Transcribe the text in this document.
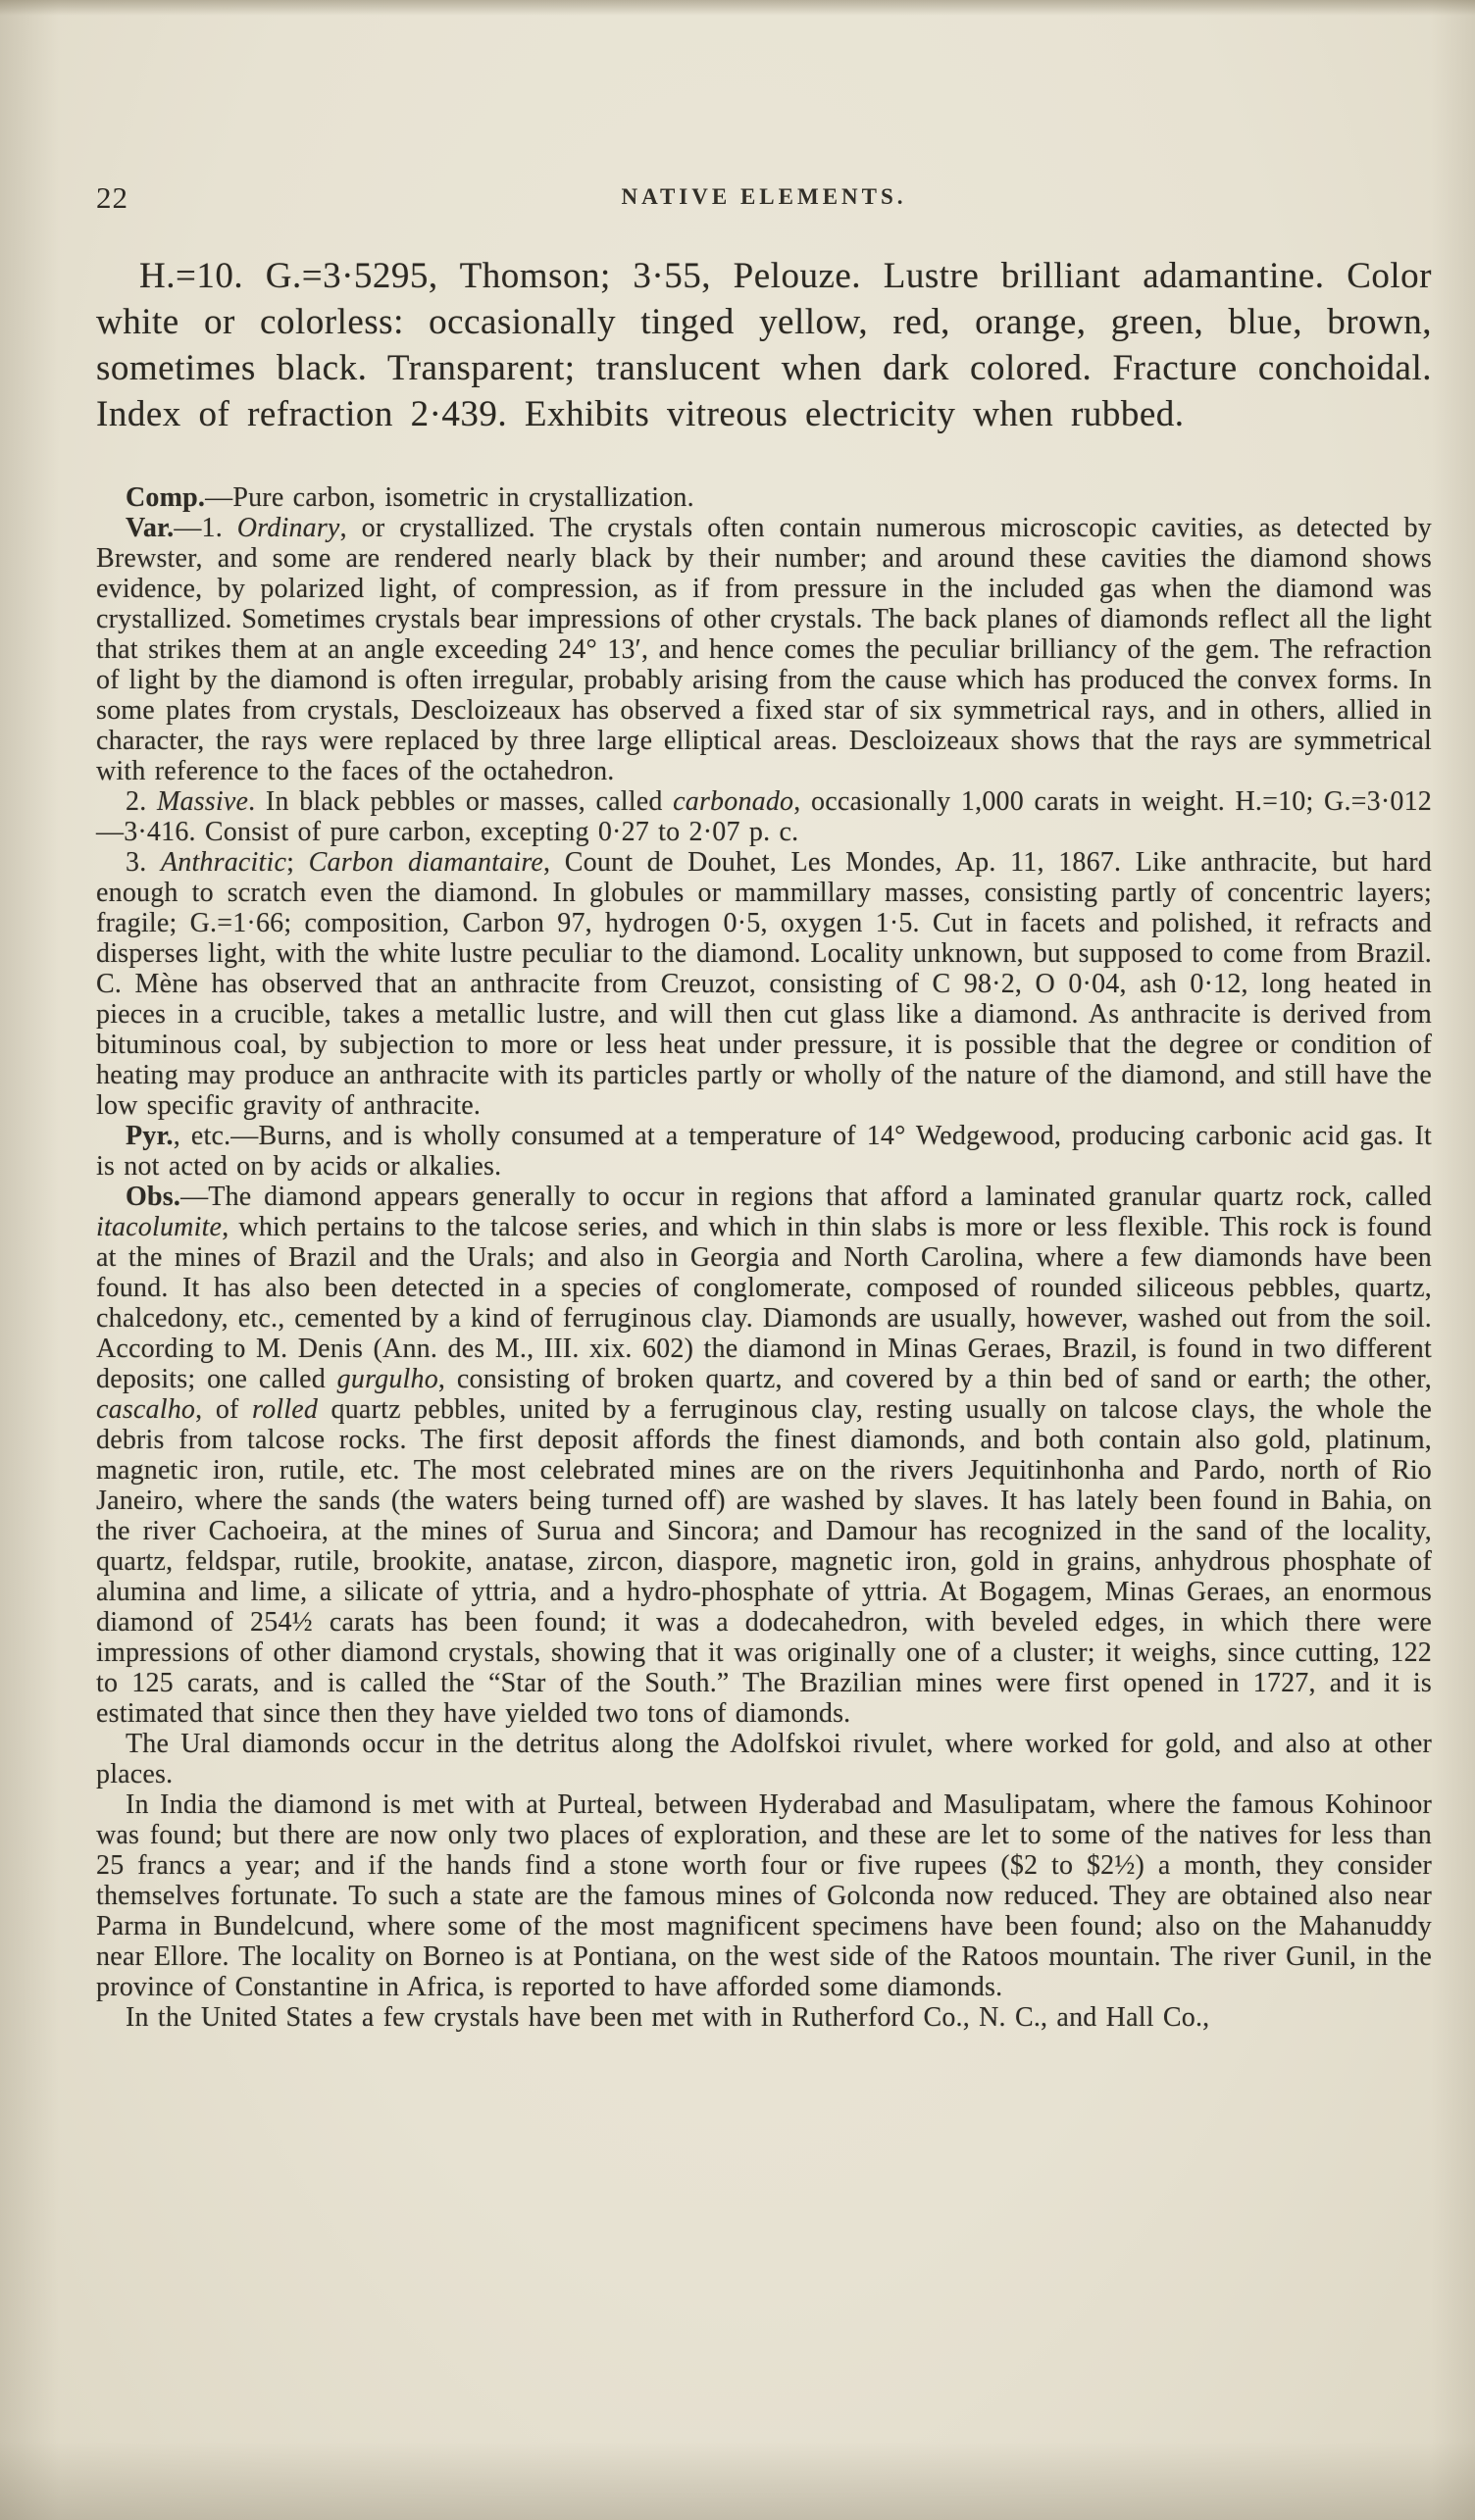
22	NATIVE ELEMENTS.

H.=10. G.=3·5295, Thomson; 3·55, Pelouze. Lustre brilliant adamantine. Color white or colorless: occasionally tinged yellow, red, orange, green, blue, brown, sometimes black. Transparent; translucent when dark colored. Fracture conchoidal. Index of refraction 2·439. Exhibits vitreous electricity when rubbed.

Comp.—Pure carbon, isometric in crystallization.

Var.—1. Ordinary, or crystallized. The crystals often contain numerous microscopic cavities, as detected by Brewster, and some are rendered nearly black by their number; and around these cavities the diamond shows evidence, by polarized light, of compression, as if from pressure in the included gas when the diamond was crystallized. Sometimes crystals bear impressions of other crystals. The back planes of diamonds reflect all the light that strikes them at an angle exceeding 24° 13′, and hence comes the peculiar brilliancy of the gem. The refraction of light by the diamond is often irregular, probably arising from the cause which has produced the convex forms. In some plates from crystals, Descloizeaux has observed a fixed star of six symmetrical rays, and in others, allied in character, the rays were replaced by three large elliptical areas. Descloizeaux shows that the rays are symmetrical with reference to the faces of the octahedron.

2. Massive. In black pebbles or masses, called carbonado, occasionally 1,000 carats in weight. H.=10; G.=3·012—3·416. Consist of pure carbon, excepting 0·27 to 2·07 p. c.

3. Anthracitic; Carbon diamantaire, Count de Douhet, Les Mondes, Ap. 11, 1867. Like anthracite, but hard enough to scratch even the diamond. In globules or mammillary masses, consisting partly of concentric layers; fragile; G.=1·66; composition, Carbon 97, hydrogen 0·5, oxygen 1·5. Cut in facets and polished, it refracts and disperses light, with the white lustre peculiar to the diamond. Locality unknown, but supposed to come from Brazil. C. Mène has observed that an anthracite from Creuzot, consisting of C 98·2, O 0·04, ash 0·12, long heated in pieces in a crucible, takes a metallic lustre, and will then cut glass like a diamond. As anthracite is derived from bituminous coal, by subjection to more or less heat under pressure, it is possible that the degree or condition of heating may produce an anthracite with its particles partly or wholly of the nature of the diamond, and still have the low specific gravity of anthracite.

Pyr., etc.—Burns, and is wholly consumed at a temperature of 14° Wedgewood, producing carbonic acid gas. It is not acted on by acids or alkalies.

Obs.—The diamond appears generally to occur in regions that afford a laminated granular quartz rock, called itacolumite, which pertains to the talcose series, and which in thin slabs is more or less flexible. This rock is found at the mines of Brazil and the Urals; and also in Georgia and North Carolina, where a few diamonds have been found. It has also been detected in a species of conglomerate, composed of rounded siliceous pebbles, quartz, chalcedony, etc., cemented by a kind of ferruginous clay. Diamonds are usually, however, washed out from the soil. According to M. Denis (Ann. des M., III. xix. 602) the diamond in Minas Geraes, Brazil, is found in two different deposits; one called gurgulho, consisting of broken quartz, and covered by a thin bed of sand or earth; the other, cascalho, of rolled quartz pebbles, united by a ferruginous clay, resting usually on talcose clays, the whole the debris from talcose rocks. The first deposit affords the finest diamonds, and both contain also gold, platinum, magnetic iron, rutile, etc. The most celebrated mines are on the rivers Jequitinhonha and Pardo, north of Rio Janeiro, where the sands (the waters being turned off) are washed by slaves. It has lately been found in Bahia, on the river Cachoeira, at the mines of Surua and Sincora; and Damour has recognized in the sand of the locality, quartz, feldspar, rutile, brookite, anatase, zircon, diaspore, magnetic iron, gold in grains, anhydrous phosphate of alumina and lime, a silicate of yttria, and a hydro-phosphate of yttria. At Bogagem, Minas Geraes, an enormous diamond of 254½ carats has been found; it was a dodecahedron, with beveled edges, in which there were impressions of other diamond crystals, showing that it was originally one of a cluster; it weighs, since cutting, 122 to 125 carats, and is called the “Star of the South.” The Brazilian mines were first opened in 1727, and it is estimated that since then they have yielded two tons of diamonds.

The Ural diamonds occur in the detritus along the Adolfskoi rivulet, where worked for gold, and also at other places.

In India the diamond is met with at Purteal, between Hyderabad and Masulipatam, where the famous Kohinoor was found; but there are now only two places of exploration, and these are let to some of the natives for less than 25 francs a year; and if the hands find a stone worth four or five rupees ($2 to $2½) a month, they consider themselves fortunate. To such a state are the famous mines of Golconda now reduced. They are obtained also near Parma in Bundelcund, where some of the most magnificent specimens have been found; also on the Mahanuddy near Ellore. The locality on Borneo is at Pontiana, on the west side of the Ratoos mountain. The river Gunil, in the province of Constantine in Africa, is reported to have afforded some diamonds.

In the United States a few crystals have been met with in Rutherford Co., N. C., and Hall Co.,
